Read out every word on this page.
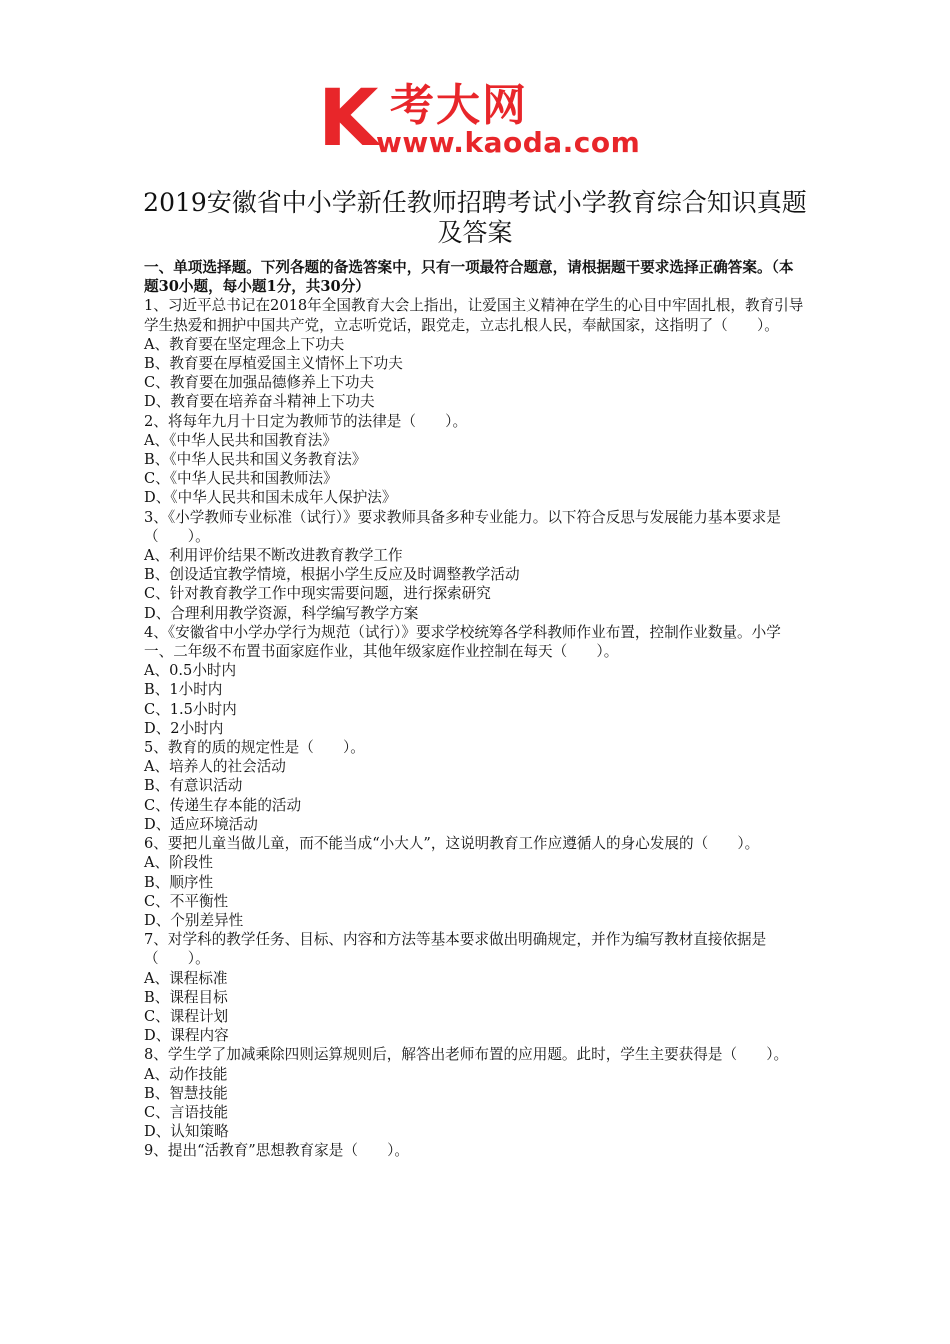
K 考大网
www.kaoda.com
2019安徽省中小学新任教师招聘考试小学教育综合知识真题及答案

一、单项选择题。下列各题的备选答案中，只有一项最符合题意，请根据题干要求选择正确答案。（本题30小题，每小题1分，共30分）

1、习近平总书记在2018年全国教育大会上指出，让爱国主义精神在学生的心目中牢固扎根，教育引导学生热爱和拥护中国共产党，立志听党话，跟党走，立志扎根人民，奉献国家，这指明了（　　）。

A、教育要在坚定理念上下功夫

B、教育要在厚植爱国主义情怀上下功夫

C、教育要在加强品德修养上下功夫

D、教育要在培养奋斗精神上下功夫

2、将每年九月十日定为教师节的法律是（　　）。

A、《中华人民共和国教育法》

B、《中华人民共和国义务教育法》

C、《中华人民共和国教师法》

D、《中华人民共和国未成年人保护法》

3、《小学教师专业标准（试行）》要求教师具备多种专业能力。以下符合反思与发展能力基本要求是（　　）。

A、利用评价结果不断改进教育教学工作

B、创设适宜教学情境，根据小学生反应及时调整教学活动

C、针对教育教学工作中现实需要问题，进行探索研究

D、合理利用教学资源，科学编写教学方案

4、《安徽省中小学办学行为规范（试行）》要求学校统筹各学科教师作业布置，控制作业数量。小学一、二年级不布置书面家庭作业，其他年级家庭作业控制在每天（　　）。

A、0.5小时内

B、1小时内

C、1.5小时内

D、2小时内

5、教育的质的规定性是（　　）。

A、培养人的社会活动

B、有意识活动

C、传递生存本能的活动

D、适应环境活动

6、要把儿童当做儿童，而不能当成“小大人”，这说明教育工作应遵循人的身心发展的（　　）。

A、阶段性

B、顺序性

C、不平衡性

D、个别差异性

7、对学科的教学任务、目标、内容和方法等基本要求做出明确规定，并作为编写教材直接依据是（　　）。

A、课程标准

B、课程目标

C、课程计划

D、课程内容

8、学生学了加减乘除四则运算规则后，解答出老师布置的应用题。此时，学生主要获得是（　　）。

A、动作技能

B、智慧技能

C、言语技能

D、认知策略

9、提出“活教育”思想教育家是（　　）。
